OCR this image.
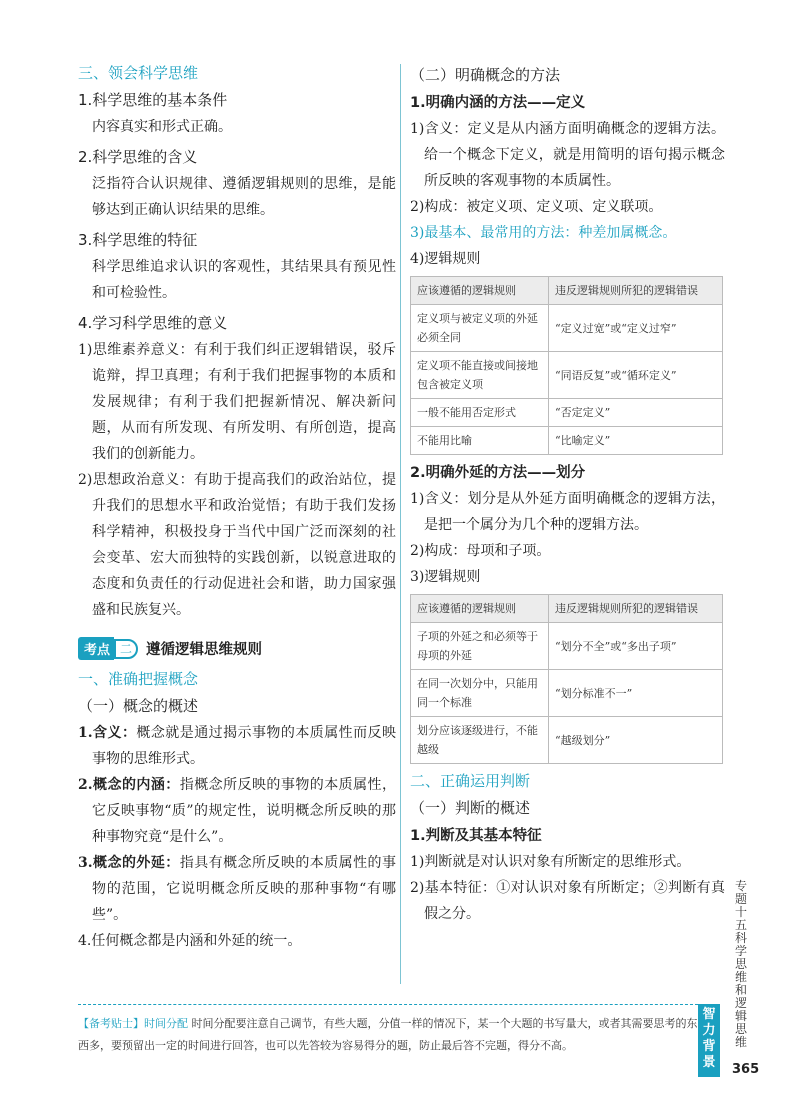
三、领会科学思维
1.科学思维的基本条件
内容真实和形式正确。
2.科学思维的含义
泛指符合认识规律、遵循逻辑规则的思维，是能够达到正确认识结果的思维。
3.科学思维的特征
科学思维追求认识的客观性，其结果具有预见性和可检验性。
4.学习科学思维的意义
1)思维素养意义：有利于我们纠正逻辑错误，驳斥诡辩，捍卫真理；有利于我们把握事物的本质和发展规律；有利于我们把握新情况、解决新问题，从而有所发现、有所发明、有所创造，提高我们的创新能力。
2)思想政治意义：有助于提高我们的政治站位，提升我们的思想水平和政治觉悟；有助于我们发扬科学精神，积极投身于当代中国广泛而深刻的社会变革、宏大而独特的实践创新，以锐意进取的态度和负责任的行动促进社会和谐，助力国家强盛和民族复兴。
考点 二 遵循逻辑思维规则
一、准确把握概念
（一）概念的概述
1.含义：概念就是通过揭示事物的本质属性而反映事物的思维形式。
2.概念的内涵：指概念所反映的事物的本质属性，它反映事物“质”的规定性，说明概念所反映的那种事物究竟“是什么”。
3.概念的外延：指具有概念所反映的本质属性的事物的范围，它说明概念所反映的那种事物“有哪些”。
4.任何概念都是内涵和外延的统一。
（二）明确概念的方法
1.明确内涵的方法——定义
1)含义：定义是从内涵方面明确概念的逻辑方法。给一个概念下定义，就是用简明的语句揭示概念所反映的客观事物的本质属性。
2)构成：被定义项、定义项、定义联项。
3)最基本、最常用的方法：种差加属概念。
4)逻辑规则
应该遵循的逻辑规则	违反逻辑规则所犯的逻辑错误
定义项与被定义项的外延必须全同	“定义过宽”或“定义过窄”
定义项不能直接或间接地包含被定义项	“同语反复”或“循环定义”
一般不能用否定形式	“否定定义”
不能用比喻	“比喻定义”
2.明确外延的方法——划分
1)含义：划分是从外延方面明确概念的逻辑方法，是把一个属分为几个种的逻辑方法。
2)构成：母项和子项。
3)逻辑规则
应该遵循的逻辑规则	违反逻辑规则所犯的逻辑错误
子项的外延之和必须等于母项的外延	“划分不全”或“多出子项”
在同一次划分中，只能用同一个标准	“划分标准不一”
划分应该逐级进行，不能越级	“越级划分”
二、正确运用判断
（一）判断的概述
1.判断及其基本特征
1)判断就是对认识对象有所断定的思维形式。
2)基本特征：①对认识对象有所断定；②判断有真假之分。
【备考贴士】时间分配 时间分配要注意自己调节，有些大题，分值一样的情况下，某一个大题的书写量大，或者其需要思考的东西多，要预留出一定的时间进行回答，也可以先答较为容易得分的题，防止最后答不完题，得分不高。
专题十五 科学思维和逻辑思维
智力背景	365
